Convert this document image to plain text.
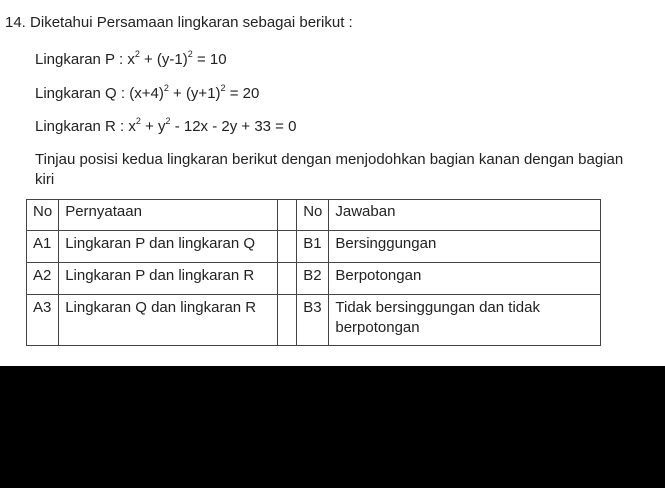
14. Diketahui Persamaan lingkaran sebagai berikut :
Lingkaran P : $x^2 + (y-1)^2 = 10$
Lingkaran Q : $(x+4)^2 + (y+1)^2 = 20$
Lingkaran R : $x^2 + y^2 - 12x - 2y + 33 = 0$
Tinjau posisi kedua lingkaran berikut dengan menjodohkan bagian kanan dengan bagian kiri
No	Pernyataan		No	Jawaban
A1	Lingkaran P dan lingkaran Q		B1	Bersinggungan
A2	Lingkaran P dan lingkaran R		B2	Berpotongan
A3	Lingkaran Q dan lingkaran R		B3	Tidak bersinggungan dan tidak berpotongan
